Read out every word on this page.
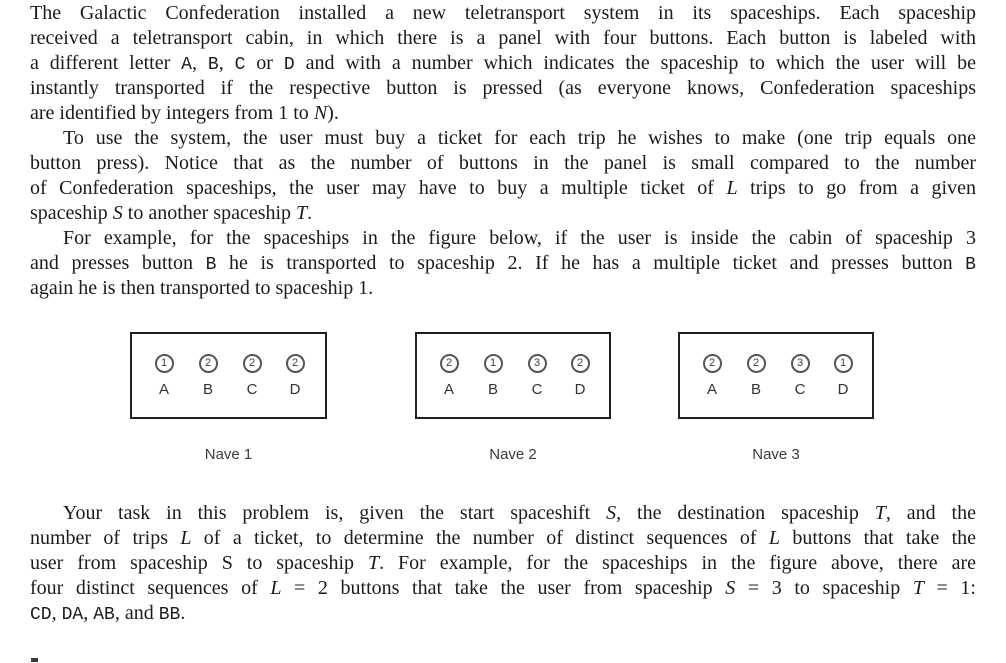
The Galactic Confederation installed a new teletransport system in its spaceships. Each spaceship
received a teletransport cabin, in which there is a panel with four buttons. Each button is labeled with
a different letter A, B, C or D and with a number which indicates the spaceship to which the user will be
instantly transported if the respective button is pressed (as everyone knows, Confederation spaceships
are identified by integers from 1 to N).
To use the system, the user must buy a ticket for each trip he wishes to make (one trip equals one
button press). Notice that as the number of buttons in the panel is small compared to the number
of Confederation spaceships, the user may have to buy a multiple ticket of L trips to go from a given
spaceship S to another spaceship T.
For example, for the spaceships in the figure below, if the user is inside the cabin of spaceship 3
and presses button B he is transported to spaceship 2. If he has a multiple ticket and presses button B
again he is then transported to spaceship 1.
1
A
2
B
2
C
2
D
Nave 1
2
A
1
B
3
C
2
D
Nave 2
2
A
2
B
3
C
1
D
Nave 3
Your task in this problem is, given the start spaceshift S, the destination spaceship T, and the
number of trips L of a ticket, to determine the number of distinct sequences of L buttons that take the
user from spaceship S to spaceship T. For example, for the spaceships in the figure above, there are
four distinct sequences of L = 2 buttons that take the user from spaceship S = 3 to spaceship T = 1:
CD, DA, AB, and BB.
